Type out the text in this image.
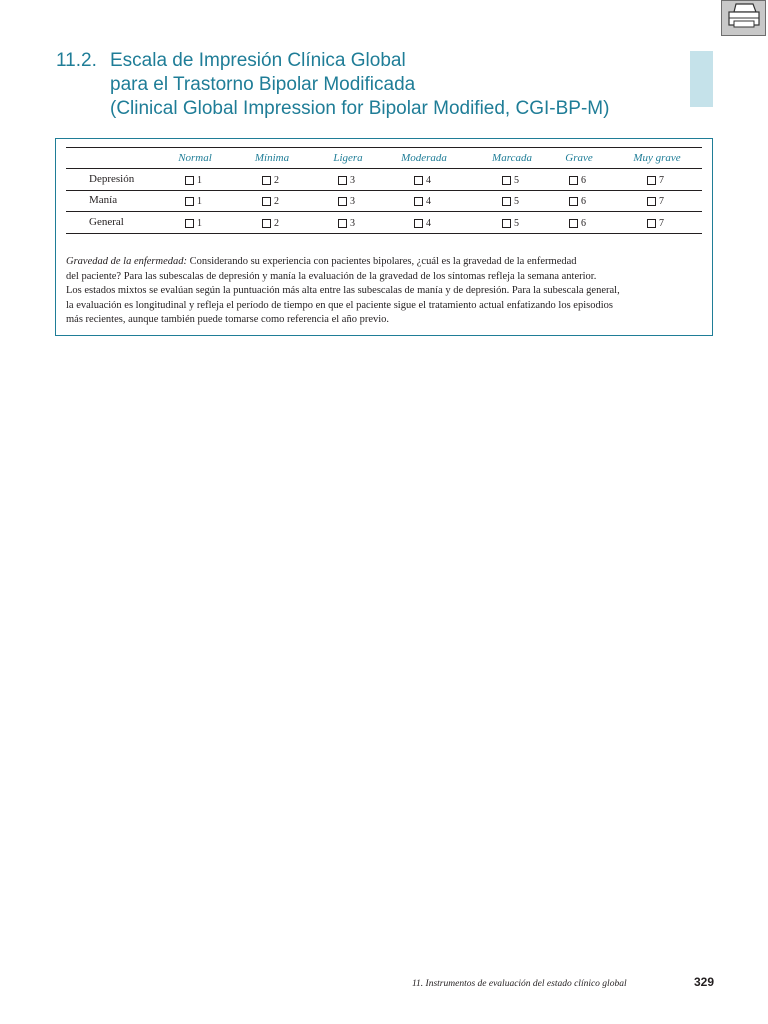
11.2. Escala de Impresión Clínica Global
para el Trastorno Bipolar Modificada
(Clinical Global Impression for Bipolar Modified, CGI-BP-M)
Normal	Mínima	Ligera	Moderada	Marcada	Grave	Muy grave
Depresión	1	2	3	4	5	6	7
Manía	1	2	3	4	5	6	7
General	1	2	3	4	5	6	7
Gravedad de la enfermedad: Considerando su experiencia con pacientes bipolares, ¿cuál es la gravedad de la enfermedad
del paciente? Para las subescalas de depresión y manía la evaluación de la gravedad de los síntomas refleja la semana anterior.
Los estados mixtos se evalúan según la puntuación más alta entre las subescalas de manía y de depresión. Para la subescala general,
la evaluación es longitudinal y refleja el período de tiempo en que el paciente sigue el tratamiento actual enfatizando los episodios
más recientes, aunque también puede tomarse como referencia el año previo.
11. Instrumentos de evaluación del estado clínico global	329
